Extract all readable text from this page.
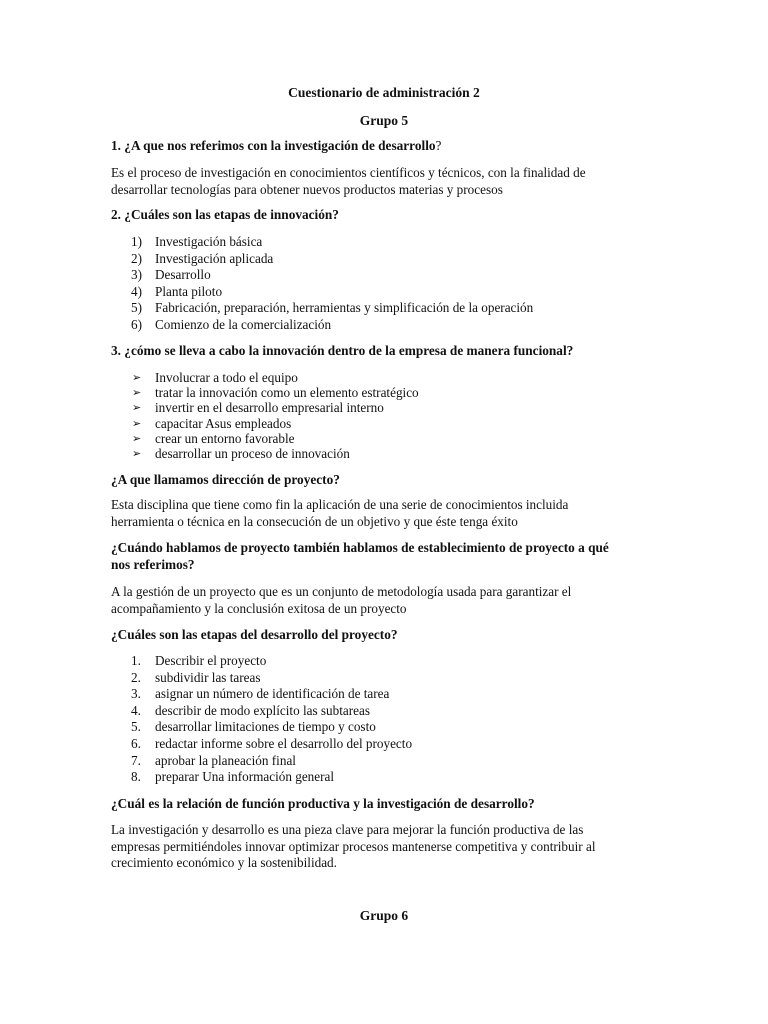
Cuestionario de administración 2
Grupo 5
1. ¿A que nos referimos con la investigación de desarrollo?
Es el proceso de investigación en conocimientos científicos y técnicos, con la finalidad de
desarrollar tecnologías para obtener nuevos productos materias y procesos
2. ¿Cuáles son las etapas de innovación?
1) Investigación básica
2) Investigación aplicada
3) Desarrollo
4) Planta piloto
5) Fabricación, preparación, herramientas y simplificación de la operación
6) Comienzo de la comercialización
3. ¿cómo se lleva a cabo la innovación dentro de la empresa de manera funcional?
➢ Involucrar a todo el equipo
➢ tratar la innovación como un elemento estratégico
➢ invertir en el desarrollo empresarial interno
➢ capacitar Asus empleados
➢ crear un entorno favorable
➢ desarrollar un proceso de innovación
¿A que llamamos dirección de proyecto?
Esta disciplina que tiene como fin la aplicación de una serie de conocimientos incluida
herramienta o técnica en la consecución de un objetivo y que éste tenga éxito
¿Cuándo hablamos de proyecto también hablamos de establecimiento de proyecto a qué
nos referimos?
A la gestión de un proyecto que es un conjunto de metodología usada para garantizar el
acompañamiento y la conclusión exitosa de un proyecto
¿Cuáles son las etapas del desarrollo del proyecto?
1. Describir el proyecto
2. subdividir las tareas
3. asignar un número de identificación de tarea
4. describir de modo explícito las subtareas
5. desarrollar limitaciones de tiempo y costo
6. redactar informe sobre el desarrollo del proyecto
7. aprobar la planeación final
8. preparar Una información general
¿Cuál es la relación de función productiva y la investigación de desarrollo?
La investigación y desarrollo es una pieza clave para mejorar la función productiva de las
empresas permitiéndoles innovar optimizar procesos mantenerse competitiva y contribuir al
crecimiento económico y la sostenibilidad.
Grupo 6
